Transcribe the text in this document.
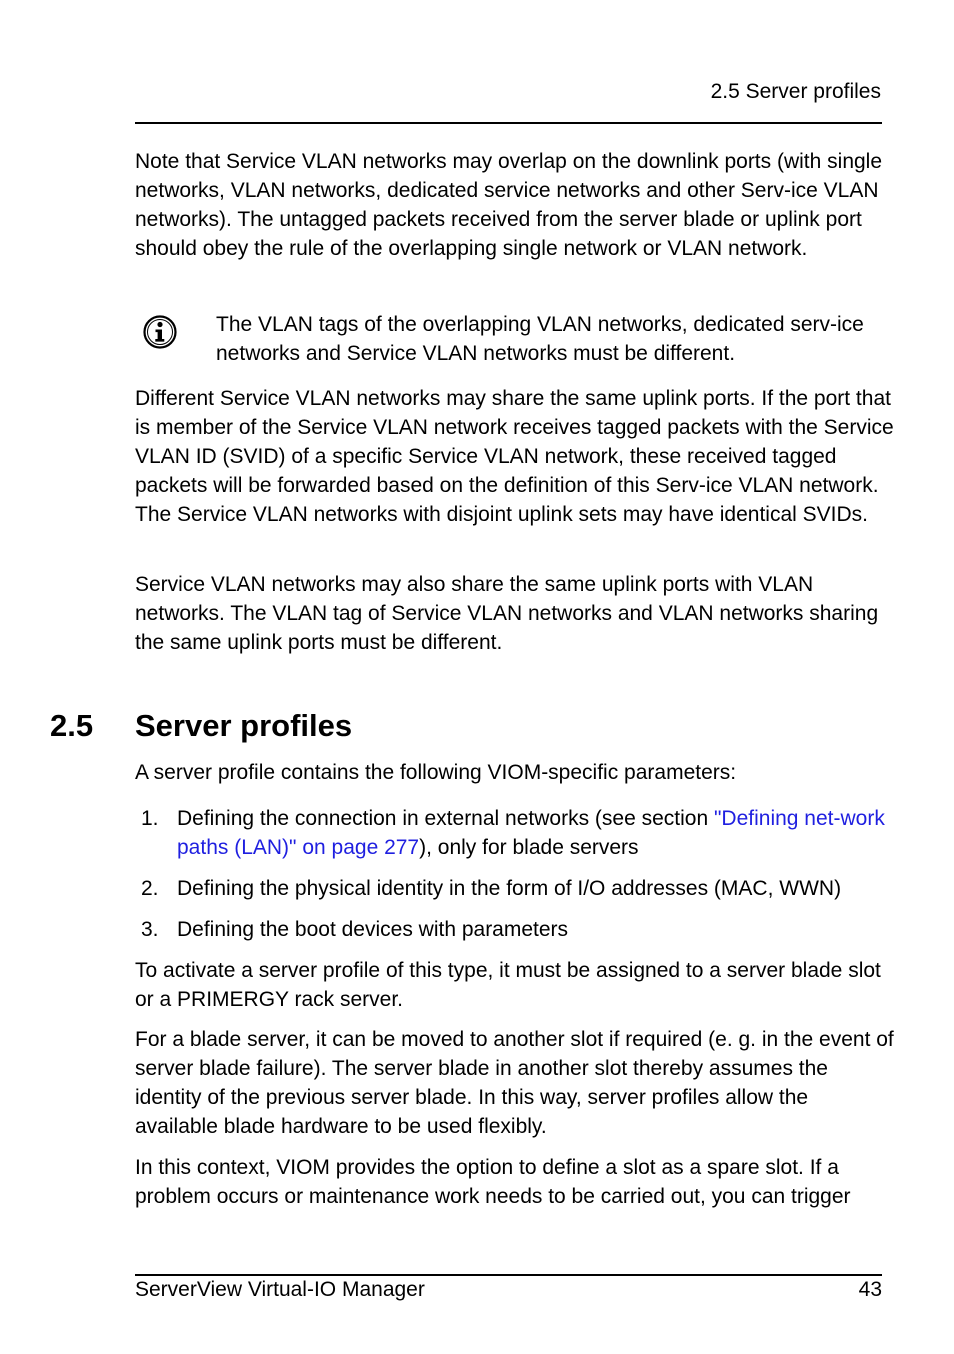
2.5 Server profiles

Note that Service VLAN networks may overlap on the downlink ports (with single networks, VLAN networks, dedicated service networks and other Serv-ice VLAN networks). The untagged packets received from the server blade or uplink port should obey the rule of the overlapping single network or VLAN network.

The VLAN tags of the overlapping VLAN networks, dedicated serv-ice networks and Service VLAN networks must be different.

Different Service VLAN networks may share the same uplink ports. If the port that is member of the Service VLAN network receives tagged packets with the Service VLAN ID (SVID) of a specific Service VLAN network, these received tagged packets will be forwarded based on the definition of this Serv-ice VLAN network. The Service VLAN networks with disjoint uplink sets may have identical SVIDs.

Service VLAN networks may also share the same uplink ports with VLAN networks. The VLAN tag of Service VLAN networks and VLAN networks sharing the same uplink ports must be different.

2.5 Server profiles

A server profile contains the following VIOM-specific parameters:

1. Defining the connection in external networks (see section "Defining net-work paths (LAN)" on page 277), only for blade servers
2. Defining the physical identity in the form of I/O addresses (MAC, WWN)
3. Defining the boot devices with parameters

To activate a server profile of this type, it must be assigned to a server blade slot or a PRIMERGY rack server.

For a blade server, it can be moved to another slot if required (e. g. in the event of server blade failure). The server blade in another slot thereby assumes the identity of the previous server blade. In this way, server profiles allow the available blade hardware to be used flexibly.

In this context, VIOM provides the option to define a slot as a spare slot. If a problem occurs or maintenance work needs to be carried out, you can trigger

ServerView Virtual-IO Manager	43
